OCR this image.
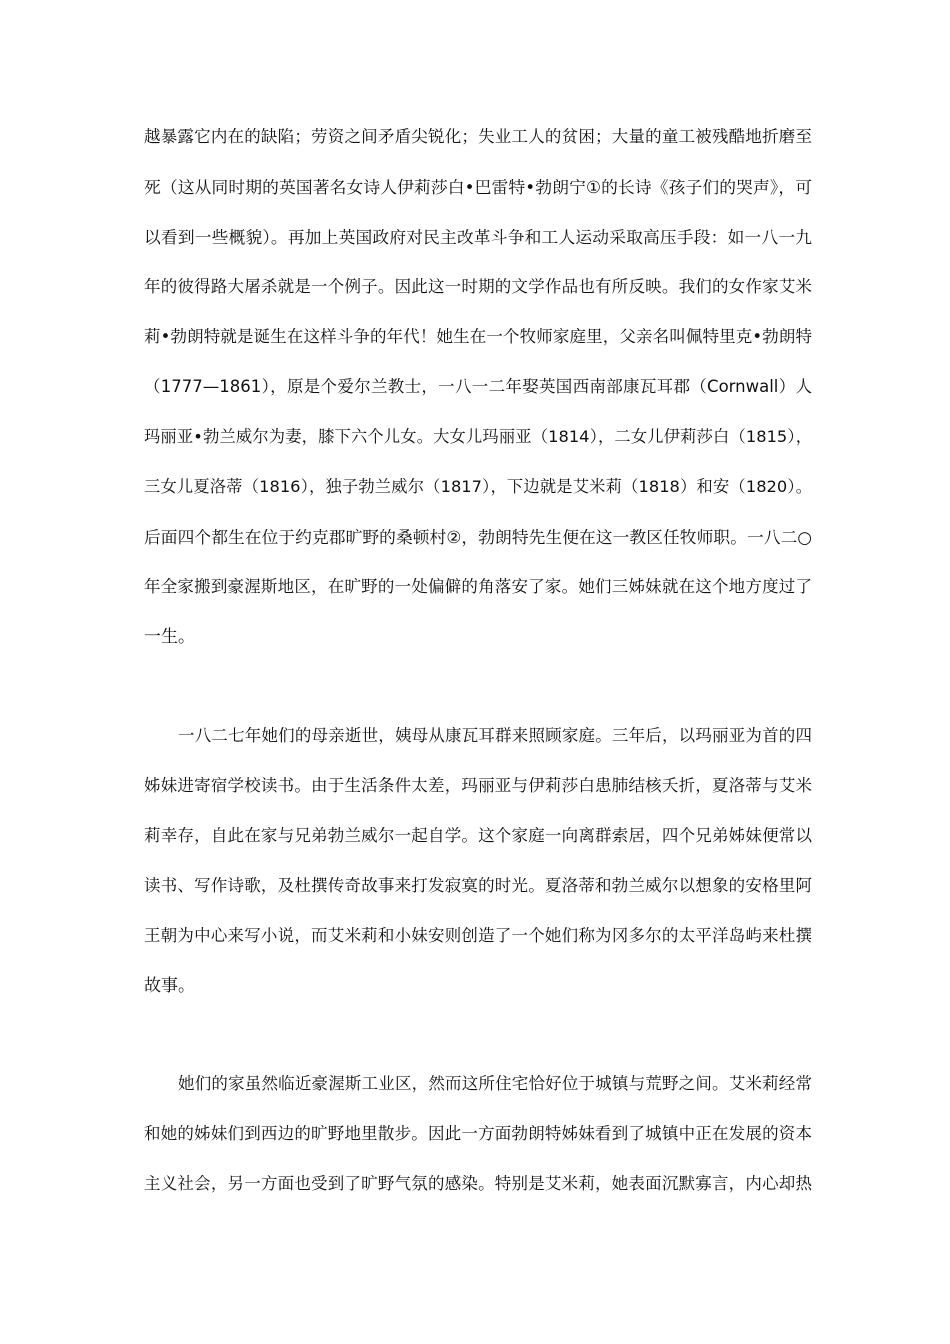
越暴露它内在的缺陷；劳资之间矛盾尖锐化；失业工人的贫困；大量的童工被残酷地折磨至
死（这从同时期的英国著名女诗人伊莉莎白•巴雷特•勃朗宁①的长诗《孩子们的哭声》，可
以看到一些概貌）。再加上英国政府对民主改革斗争和工人运动采取高压手段：如一八一九
年的彼得路大屠杀就是一个例子。因此这一时期的文学作品也有所反映。我们的女作家艾米
莉•勃朗特就是诞生在这样斗争的年代！她生在一个牧师家庭里，父亲名叫佩特里克•勃朗特
（1777—1861），原是个爱尔兰教士，一八一二年娶英国西南部康瓦耳郡（Cornwall）人
玛丽亚•勃兰威尔为妻，膝下六个儿女。大女儿玛丽亚（1814），二女儿伊莉莎白（1815），
三女儿夏洛蒂（1816），独子勃兰威尔（1817），下边就是艾米莉（1818）和安（1820）。
后面四个都生在位于约克郡旷野的桑顿村②，勃朗特先生便在这一教区任牧师职。一八二○
年全家搬到豪渥斯地区，在旷野的一处偏僻的角落安了家。她们三姊妹就在这个地方度过了
一生。
一八二七年她们的母亲逝世，姨母从康瓦耳群来照顾家庭。三年后，以玛丽亚为首的四
姊妹进寄宿学校读书。由于生活条件太差，玛丽亚与伊莉莎白患肺结核夭折，夏洛蒂与艾米
莉幸存，自此在家与兄弟勃兰威尔一起自学。这个家庭一向离群索居，四个兄弟姊妹便常以
读书、写作诗歌，及杜撰传奇故事来打发寂寞的时光。夏洛蒂和勃兰威尔以想象的安格里阿
王朝为中心来写小说，而艾米莉和小妹安则创造了一个她们称为冈多尔的太平洋岛屿来杜撰
故事。
她们的家虽然临近豪渥斯工业区，然而这所住宅恰好位于城镇与荒野之间。艾米莉经常
和她的姊妹们到西边的旷野地里散步。因此一方面勃朗特姊妹看到了城镇中正在发展的资本
主义社会，另一方面也受到了旷野气氛的感染。特别是艾米莉，她表面沉默寡言，内心却热
